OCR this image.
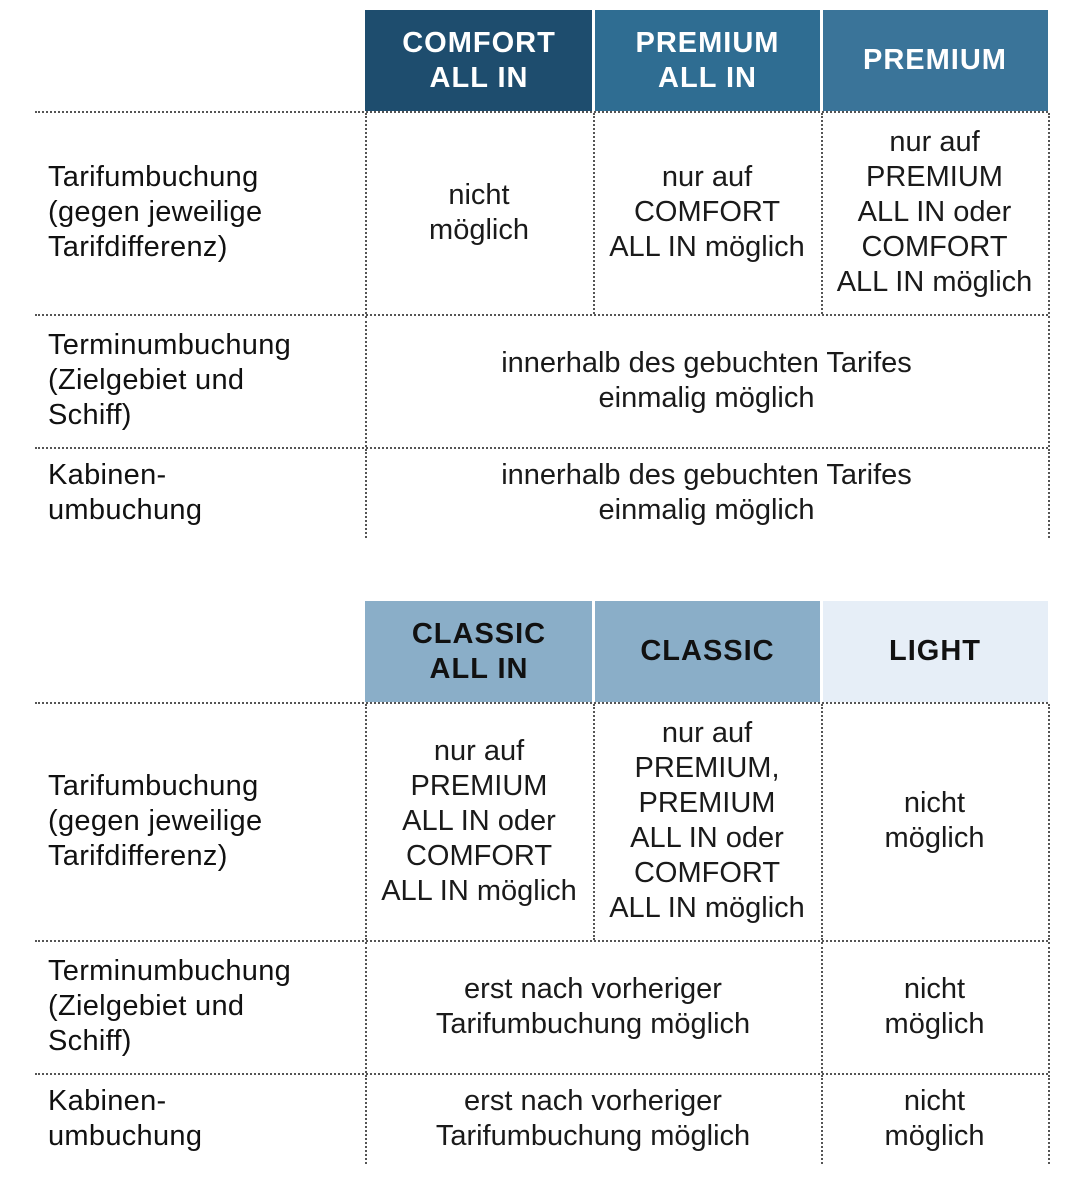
COMFORT
ALL IN
PREMIUM
ALL IN
PREMIUM
Tarifumbuchung
(gegen jeweilige
Tarifdifferenz)
nicht
möglich
nur auf
COMFORT
ALL IN möglich
nur auf
PREMIUM
ALL IN oder
COMFORT
ALL IN möglich
Terminumbuchung
(Zielgebiet und
Schiff)
innerhalb des gebuchten Tarifes
einmalig möglich
Kabinen-
umbuchung
innerhalb des gebuchten Tarifes
einmalig möglich
CLASSIC
ALL IN
CLASSIC	LIGHT
Tarifumbuchung
(gegen jeweilige
Tarifdifferenz)
nur auf
PREMIUM
ALL IN oder
COMFORT
ALL IN möglich
nur auf
PREMIUM,
PREMIUM
ALL IN oder
COMFORT
ALL IN möglich
nicht
möglich
Terminumbuchung
(Zielgebiet und
Schiff)
erst nach vorheriger
Tarifumbuchung möglich
nicht
möglich
Kabinen-
umbuchung
erst nach vorheriger
Tarifumbuchung möglich
nicht
möglich
